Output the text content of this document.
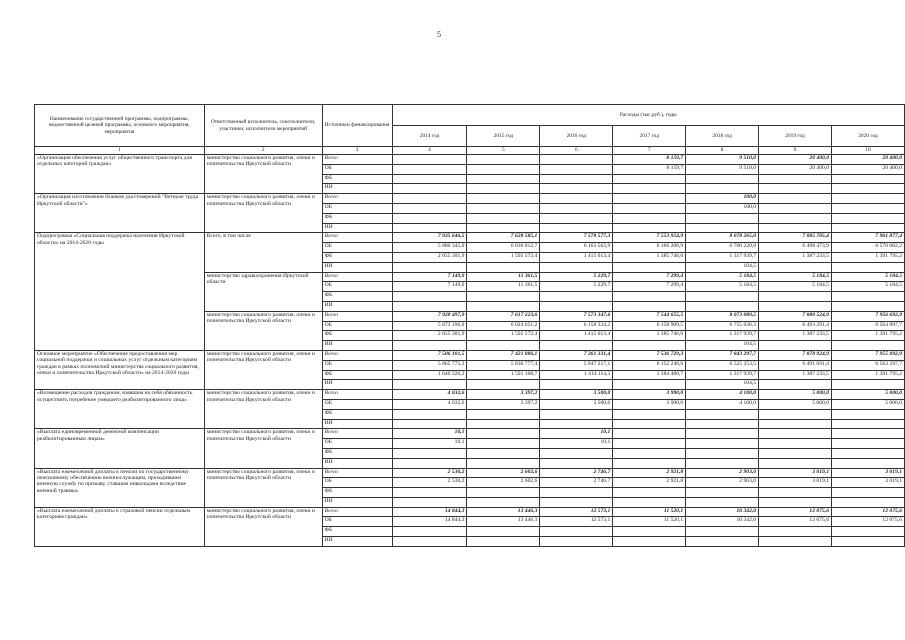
5
Наименование государственной программы, подпрограммы, ведомственной целевой программы, основного мероприятия, мероприятия	Ответственный исполнитель, соисполнители, участники, исполнители мероприятий	Источники финансирования	Расходы (тыс.руб.), годы						
			2014 год	2015 год	2016 год	2017 год	2018 год	2019 год	2020 год
1	2	3	4	5	6	7	8	9	10
«Организация обеспечения услуг общественного транспорта для отдельных категорий граждан»	министерство социального развития, опеки и попечительства Иркутской области	Всего				8 159,7	9 510,0	20 400,0	20 400,0
		ОБ				8 159,7	9 510,0	20 400,0	20 400,0
		ФБ							
		ИИ							
«Организация изготовления бланков удостоверений "Ветеран труда Иркутской области"»	министерство социального развития, опеки и попечительства Иркутской области	Всего					100,0		
		ОБ					100,0		
		ФБ							
		ИИ							
Подпрограмма «Социальная поддержка населения Иркутской области» на 2014-2020 годы	Всего, в том числе	Всего	7 935 646,5	7 628 585,1	7 578 577,3	7 553 954,9	8 078 265,0	7 885 705,4	7 961 877,4
		ОБ	5 880 345,0	6 036 012,7	6 163 563,9	6 166 208,9	6 760 220,8	6 498 473,9	6 570 082,2
		ФБ	2 055 301,9	1 592 572,4	1 415 013,4	1 385 746,0	1 317 939,7	1 387 233,5	1 391 795,2
		ИИ					104,5		
	министерство здравоохранения Иркутской области	Всего	7 149,0	11 361,5	5 229,7	7 299,4	5 184,5	5 184,5	5 184,5
		ОБ	7 149,0	11 361,5	5 229,7	7 299,4	5 184,5	5 184,5	5 184,5
		ФБ							
		ИИ							
	министерство социального развития, опеки и попечительства Иркутской области	Всего	7 928 497,9	7 617 223,6	7 573 347,6	7 544 655,5	8 073 080,5	7 880 524,9	7 956 692,9
		ОБ	5 873 196,0	6 024 651,2	6 158 334,2	6 158 909,5	6 755 036,3	6 493 291,4	6 564 897,7
		ФБ	2 055 301,9	1 592 572,4	1 415 013,4	1 385 746,0	1 317 939,7	1 387 233,5	1 391 795,2
		ИИ					104,5		
Основное мероприятие «Обеспечение предоставления мер социальной поддержки и социальных услуг отдельным категориям граждан в рамках полномочий министерства социального развития, опеки и попечительства Иркутской области» на 2014-2020 годы	министерство социального развития, опеки и попечительства Иркутской области	Всего	7 506 101,5	7 421 886,1	7 361 331,4	7 536 729,3	7 843 297,7	7 878 924,9	7 955 092,9
		ОБ	5 865 775,3	5 830 777,4	5 947 217,1	6 152 248,6	6 525 253,5	6 491 691,4	6 563 297,7
		ФБ	1 640 326,2	1 591 108,7	1 414 114,3	1 384 480,7	1 317 939,7	1 387 233,5	1 391 795,2
		ИИ					104,5		
«Возмещение расходов гражданам, взявшим на себя обязанность осуществить погребение умершего реабилитированного лица»	министерство социального развития, опеки и попечительства Иркутской области	Всего	4 032,6	3 397,2	3 500,0	3 990,0	4 100,0	5 000,0	5 000,0
		ОБ	4 032,6	3 397,2	3 500,0	3 990,0	4 100,0	5 000,0	5 000,0
		ФБ							
		ИИ							
«Выплата единовременной денежной компенсации реабилитированным лицам»	министерство социального развития, опеки и попечительства Иркутской области	Всего	10,1		10,1				
		ОБ	10,1		10,1				
		ФБ							
		ИИ							
«Выплата ежемесячной доплаты к пенсии по государственному пенсионному обеспечению военнослужащим, проходившим военную службу по призыву, ставшим инвалидами вследствие военной травмы»	министерство социального развития, опеки и попечительства Иркутской области	Всего	2 530,2	2 602,6	2 746,7	2 921,8	2 903,0	3 019,1	3 019,1
		ОБ	2 530,2	2 602,6	2 746,7	2 921,8	2 903,0	3 019,1	3 019,1
		ФБ							
		ИИ							
«Выплата ежемесячной доплаты к страховой пенсии отдельным категориям граждан»	министерство социального развития, опеки и попечительства Иркутской области	Всего	14 844,3	13 446,3	12 573,1	11 520,1	10 342,0	12 075,6	12 075,6
		ОБ	14 844,3	13 446,3	12 573,1	11 520,1	10 342,0	12 075,6	12 075,6
		ФБ							
		ИИ							
